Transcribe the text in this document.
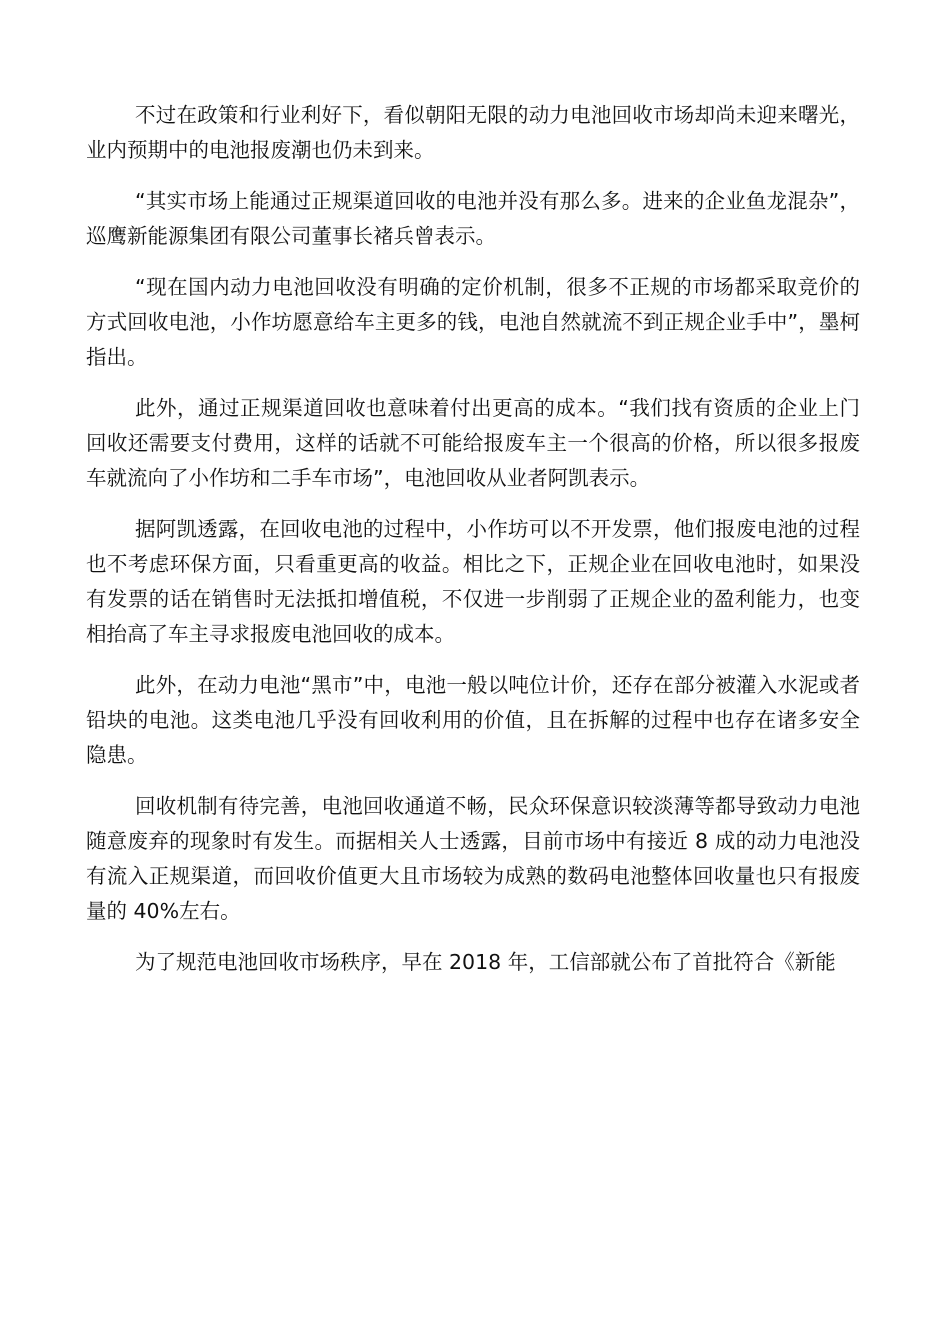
不过在政策和行业利好下，看似朝阳无限的动力电池回收市场却尚未迎来曙光，业内预期中的电池报废潮也仍未到来。

“其实市场上能通过正规渠道回收的电池并没有那么多。进来的企业鱼龙混杂”，巡鹰新能源集团有限公司董事长褚兵曾表示。

“现在国内动力电池回收没有明确的定价机制，很多不正规的市场都采取竞价的方式回收电池，小作坊愿意给车主更多的钱，电池自然就流不到正规企业手中”，墨柯指出。

此外，通过正规渠道回收也意味着付出更高的成本。“我们找有资质的企业上门回收还需要支付费用，这样的话就不可能给报废车主一个很高的价格，所以很多报废车就流向了小作坊和二手车市场”，电池回收从业者阿凯表示。

据阿凯透露，在回收电池的过程中，小作坊可以不开发票，他们报废电池的过程也不考虑环保方面，只看重更高的收益。相比之下，正规企业在回收电池时，如果没有发票的话在销售时无法抵扣增值税，不仅进一步削弱了正规企业的盈利能力，也变相抬高了车主寻求报废电池回收的成本。

此外，在动力电池“黑市”中，电池一般以吨位计价，还存在部分被灌入水泥或者铅块的电池。这类电池几乎没有回收利用的价值，且在拆解的过程中也存在诸多安全隐患。

回收机制有待完善，电池回收通道不畅，民众环保意识较淡薄等都导致动力电池随意废弃的现象时有发生。而据相关人士透露，目前市场中有接近 8 成的动力电池没有流入正规渠道，而回收价值更大且市场较为成熟的数码电池整体回收量也只有报废量的 40%左右。

为了规范电池回收市场秩序，早在 2018 年，工信部就公布了首批符合《新能
